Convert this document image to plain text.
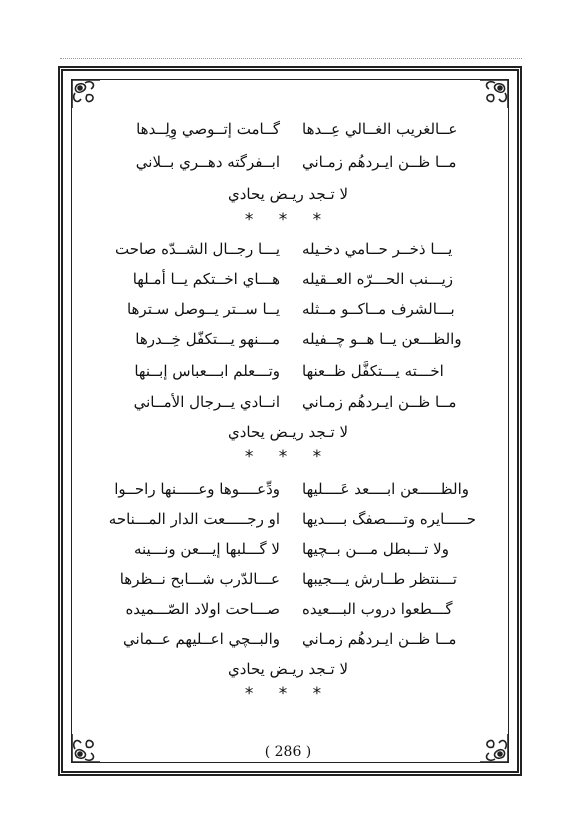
گــامت إتــوصي وِلِــدها عــالغريب الغــالي عِــدها
ابــفرگته دهــري بــلاني مــا ظــن ايـردهُم زمـاني
لا تـجد ريـض يحادي
* * *
يـــا رجــال الشــدّه صاحت يـــا ذخــر حــامي دخـيله
هـــاي اخــتكم يــا أمـلها زيـــنب الحـــرّه العــقيله
يــا ســتر يــوصل سـترها بـــالشرف مــاكــو مــثله
مـــنهو يـــتكفّل خِــدرها والظـــعن يــا هــو چــفيله
وتـــعلم ابـــعباس إبــنها اخـــته يـــتكفَّل ظــعنها
انــادي يــرجال الأمــاني مــا ظــن ايـردهُم زمـاني
لا تـجد ريـض يحادي
* * *
ودِّعــــوها وعـــــنها راحــوا والظـــــعن ابــــعد عَــــليها
او رجـــــعت الدار المـــناحه حـــــايره وتــــصفگ بــــديها
لا گـــلبها إيـــعن ونـــينه ولا تـــبطل مـــن بــچيها
عـــالدّرب شـــابح نــظرها تـــنتظر طــارش يـــجيبها
صـــاحت اولاد الصّـــميده گـــطعوا دروب البـــعيده
والبــچي اعــليهم عــماني مــا ظــن ايـردهُم زمـاني
لا تـجد ريـض يحادي
* * *
( 286 )
